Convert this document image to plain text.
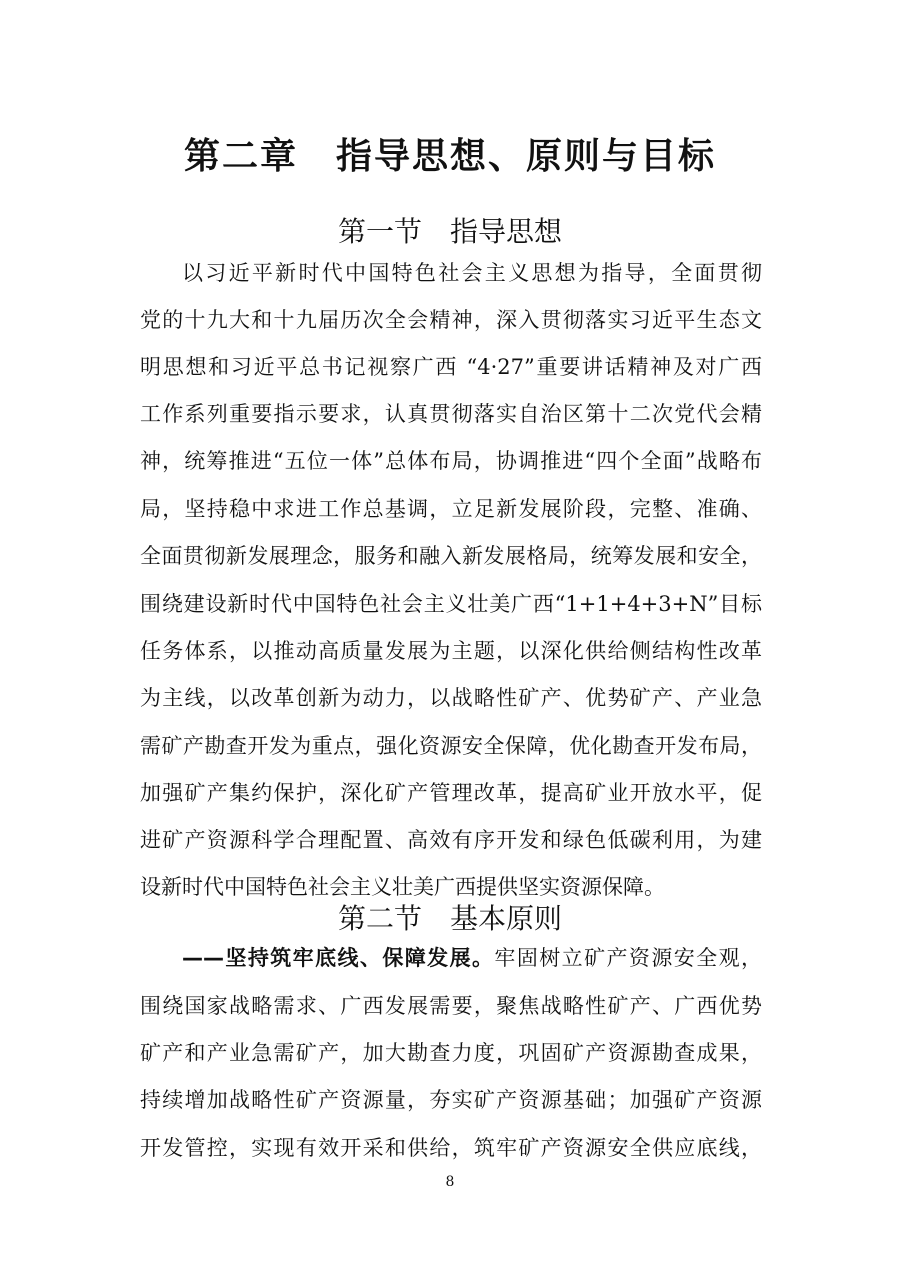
第二章　指导思想、原则与目标
第一节　指导思想
以习近平新时代中国特色社会主义思想为指导，全面贯彻
党的十九大和十九届历次全会精神，深入贯彻落实习近平生态文
明思想和习近平总书记视察广西 “4·27”重要讲话精神及对广西
工作系列重要指示要求，认真贯彻落实自治区第十二次党代会精
神，统筹推进“五位一体”总体布局，协调推进“四个全面”战略布
局，坚持稳中求进工作总基调，立足新发展阶段，完整、准确、
全面贯彻新发展理念，服务和融入新发展格局，统筹发展和安全，
围绕建设新时代中国特色社会主义壮美广西“1+1+4+3+N”目标
任务体系，以推动高质量发展为主题，以深化供给侧结构性改革
为主线，以改革创新为动力，以战略性矿产、优势矿产、产业急
需矿产勘查开发为重点，强化资源安全保障，优化勘查开发布局，
加强矿产集约保护，深化矿产管理改革，提高矿业开放水平，促
进矿产资源科学合理配置、高效有序开发和绿色低碳利用，为建
设新时代中国特色社会主义壮美广西提供坚实资源保障。
第二节　基本原则
——坚持筑牢底线、保障发展。牢固树立矿产资源安全观，
围绕国家战略需求、广西发展需要，聚焦战略性矿产、广西优势
矿产和产业急需矿产，加大勘查力度，巩固矿产资源勘查成果，
持续增加战略性矿产资源量，夯实矿产资源基础；加强矿产资源
开发管控，实现有效开采和供给，筑牢矿产资源安全供应底线，
8
